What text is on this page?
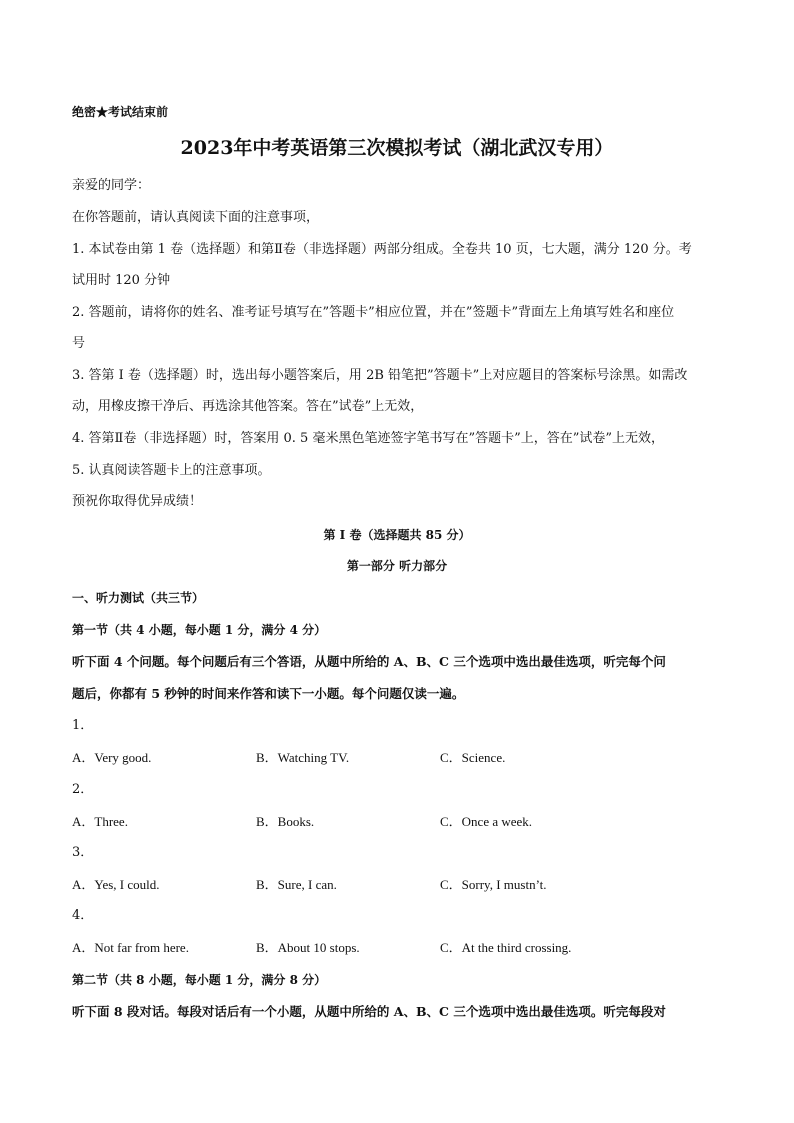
绝密★考试结束前
2023年中考英语第三次模拟考试（湖北武汉专用）
亲爱的同学：
在你答题前，请认真阅读下面的注意事项，
1. 本试卷由第 1 卷（选择题）和第Ⅱ卷（非选择题）两部分组成。全卷共 10 页，七大题，满分 120 分。考
试用时 120 分钟
2. 答题前，请将你的姓名、准考证号填写在”答题卡”相应位置，并在”签题卡”背面左上角填写姓名和座位
号
3. 答第 I 卷（选择题）时，选出每小题答案后，用 2B 铅笔把”答题卡”上对应题目的答案标号涂黑。如需改
动，用橡皮擦干净后、再选涂其他答案。答在”试卷”上无效，
4. 答第Ⅱ卷（非选择题）时，答案用 0. 5 毫米黑色笔迹签字笔书写在”答题卡”上，答在”试卷”上无效，
5. 认真阅读答题卡上的注意事项。
预祝你取得优异成绩！
第 I 卷（选择题共 85 分）
第一部分 听力部分
一、听力测试（共三节）
第一节（共 4 小题，每小题 1 分，满分 4 分）
听下面 4 个问题。每个问题后有三个答语，从题中所给的 A、B、C 三个选项中选出最佳选项，听完每个问
题后，你都有 5 秒钟的时间来作答和读下一小题。每个问题仅读一遍。
1．
A．Very good.	B．Watching TV.	C．Science.
2．
A．Three.	B．Books.	C．Once a week.
3．
A．Yes, I could.	B．Sure, I can.	C．Sorry, I mustn’t.
4．
A．Not far from here.	B．About 10 stops.	C．At the third crossing.
第二节（共 8 小题，每小题 1 分，满分 8 分）
听下面 8 段对话。每段对话后有一个小题，从题中所给的 A、B、C 三个选项中选出最佳选项。听完每段对
